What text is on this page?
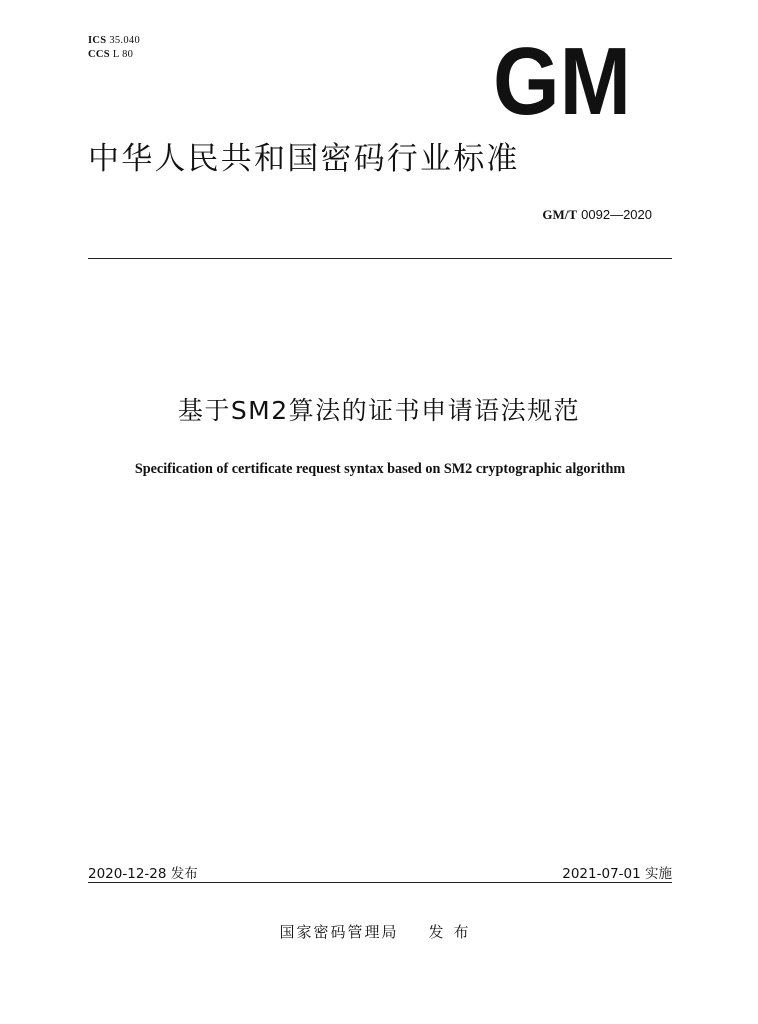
ICS 35.040
CCS L 80	GM
中华人民共和国密码行业标准
GM/T 0092—2020
基于SM2算法的证书申请语法规范
Specification of certificate request syntax based on SM2 cryptographic algorithm
2020-12-28 发布	2021-07-01 实施
国家密码管理局 发布
